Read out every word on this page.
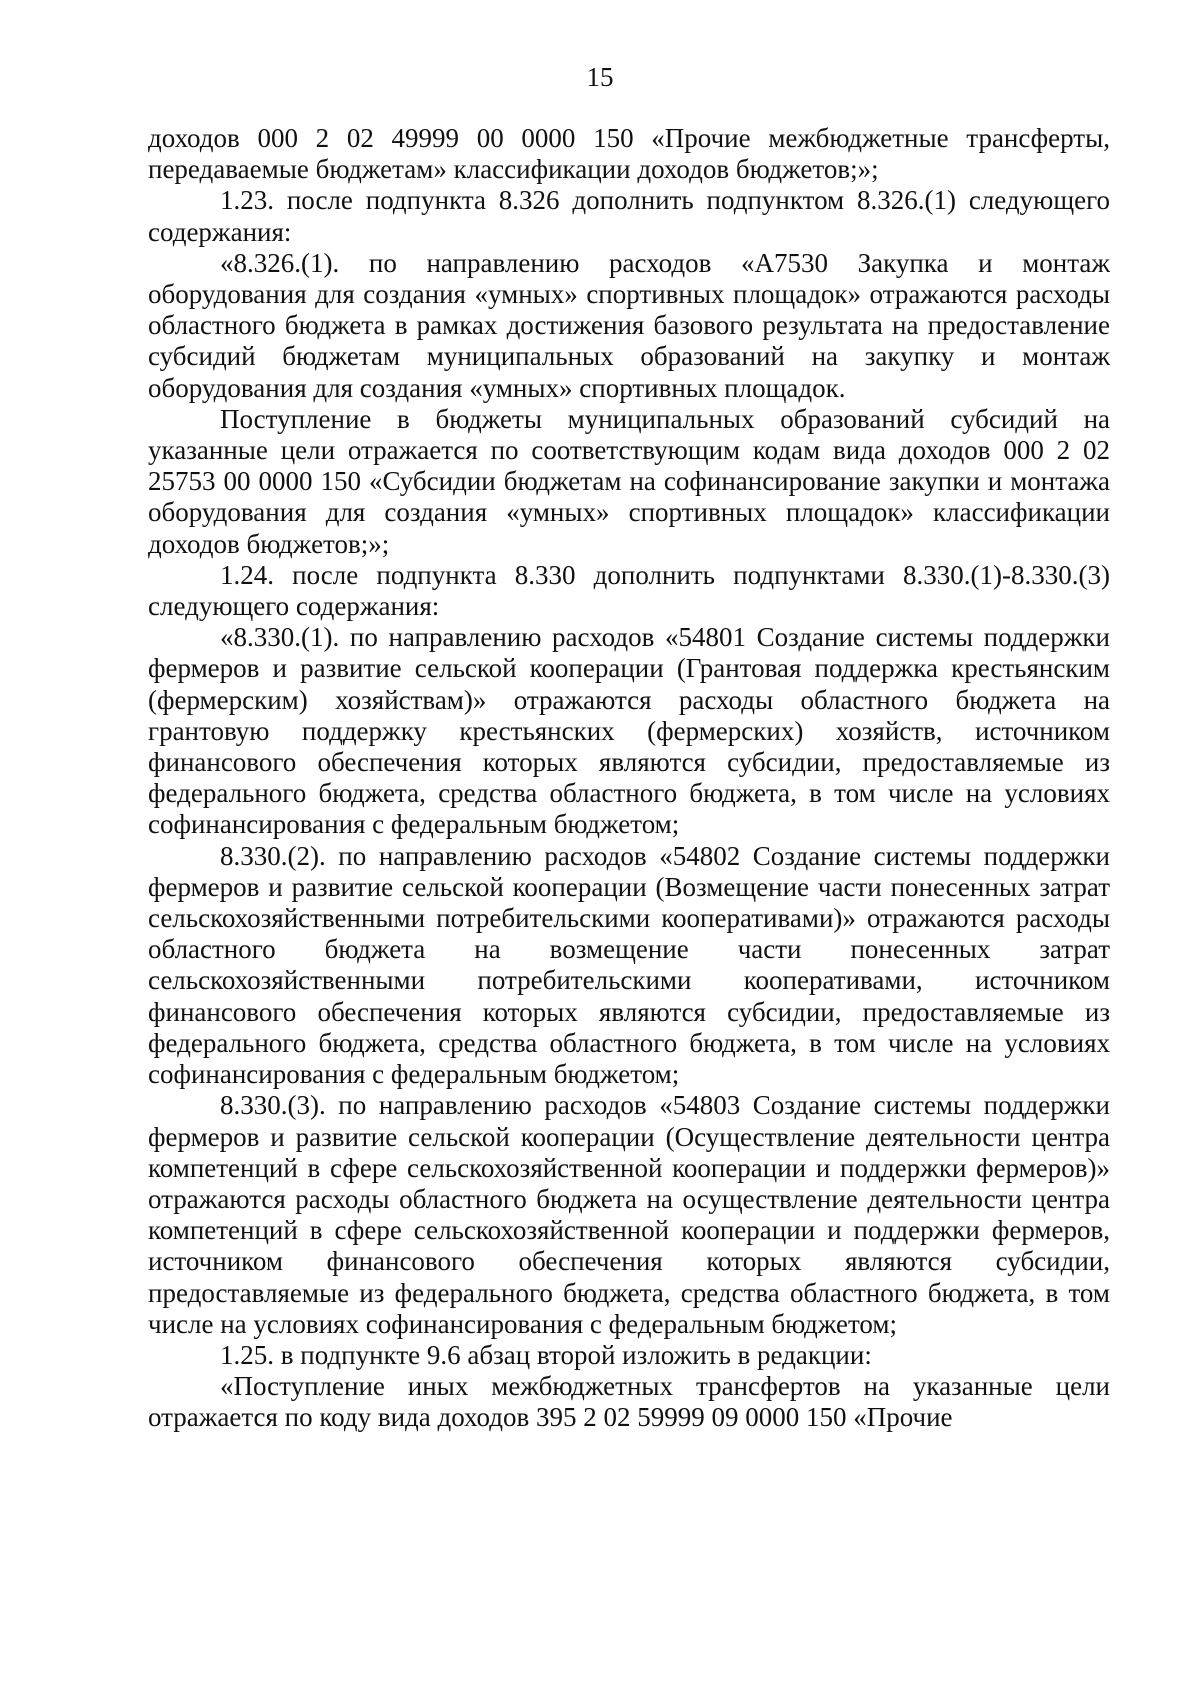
15

доходов 000 2 02 49999 00 0000 150 «Прочие межбюджетные трансферты, передаваемые бюджетам» классификации доходов бюджетов;»;

1.23. после подпункта 8.326 дополнить подпунктом 8.326.(1) следующего содержания:

«8.326.(1). по направлению расходов «А7530 Закупка и монтаж оборудования для создания «умных» спортивных площадок» отражаются расходы областного бюджета в рамках достижения базового результата на предоставление субсидий бюджетам муниципальных образований на закупку и монтаж оборудования для создания «умных» спортивных площадок.

Поступление в бюджеты муниципальных образований субсидий на указанные цели отражается по соответствующим кодам вида доходов 000 2 02 25753 00 0000 150 «Субсидии бюджетам на софинансирование закупки и монтажа оборудования для создания «умных» спортивных площадок» классификации доходов бюджетов;»;

1.24. после подпункта 8.330 дополнить подпунктами 8.330.(1)-8.330.(3) следующего содержания:

«8.330.(1). по направлению расходов «54801 Создание системы поддержки фермеров и развитие сельской кооперации (Грантовая поддержка крестьянским (фермерским) хозяйствам)» отражаются расходы областного бюджета на грантовую поддержку крестьянских (фермерских) хозяйств, источником финансового обеспечения которых являются субсидии, предоставляемые из федерального бюджета, средства областного бюджета, в том числе на условиях софинансирования с федеральным бюджетом;

8.330.(2). по направлению расходов «54802 Создание системы поддержки фермеров и развитие сельской кооперации (Возмещение части понесенных затрат сельскохозяйственными потребительскими кооперативами)» отражаются расходы областного бюджета на возмещение части понесенных затрат сельскохозяйственными потребительскими кооперативами, источником финансового обеспечения которых являются субсидии, предоставляемые из федерального бюджета, средства областного бюджета, в том числе на условиях софинансирования с федеральным бюджетом;

8.330.(3). по направлению расходов «54803 Создание системы поддержки фермеров и развитие сельской кооперации (Осуществление деятельности центра компетенций в сфере сельскохозяйственной кооперации и поддержки фермеров)» отражаются расходы областного бюджета на осуществление деятельности центра компетенций в сфере сельскохозяйственной кооперации и поддержки фермеров, источником финансового обеспечения которых являются субсидии, предоставляемые из федерального бюджета, средства областного бюджета, в том числе на условиях софинансирования с федеральным бюджетом;

1.25. в подпункте 9.6 абзац второй изложить в редакции:

«Поступление иных межбюджетных трансфертов на указанные цели отражается по коду вида доходов 395 2 02 59999 09 0000 150 «Прочие
